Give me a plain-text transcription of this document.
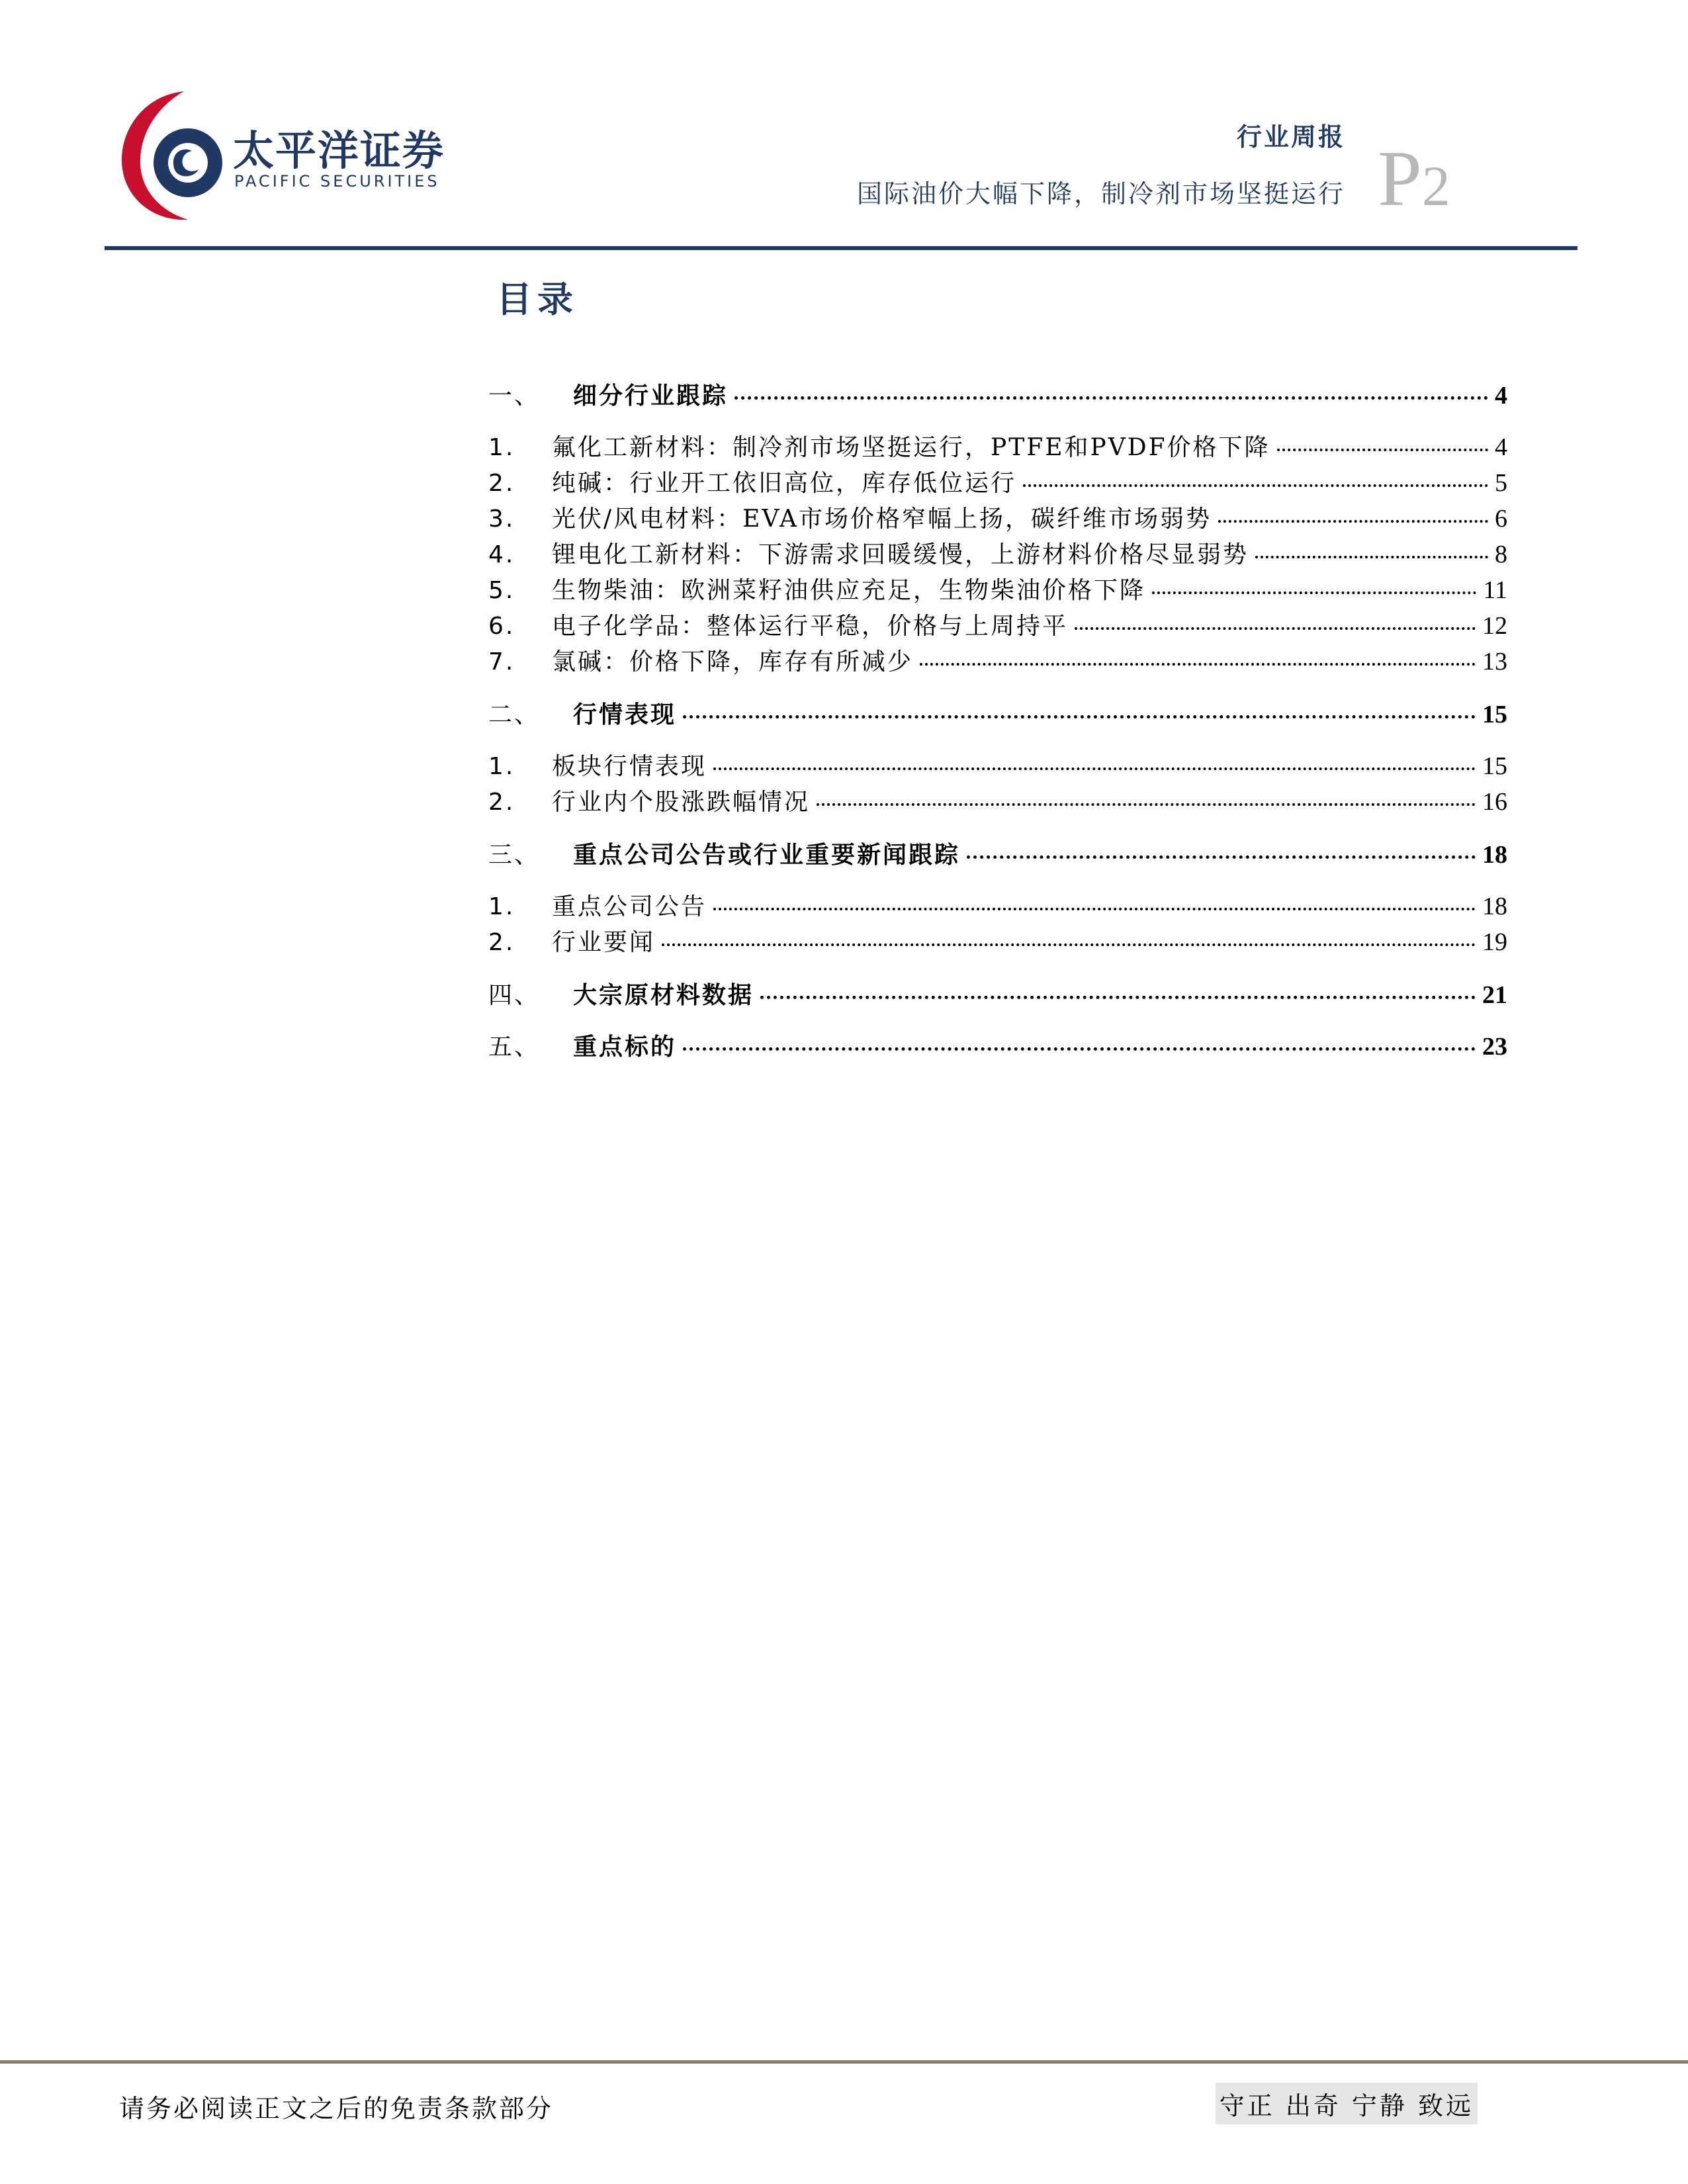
太平洋证券
PACIFIC SECURITIES
行业周报
国际油价大幅下降，制冷剂市场坚挺运行 P2
目录
一、	细分行业跟踪	4
1.	氟化工新材料：制冷剂市场坚挺运行，PTFE和PVDF价格下降	4
2.	纯碱：行业开工依旧高位，库存低位运行	5
3.	光伏/风电材料：EVA市场价格窄幅上扬，碳纤维市场弱势	6
4.	锂电化工新材料：下游需求回暖缓慢，上游材料价格尽显弱势	8
5.	生物柴油：欧洲菜籽油供应充足，生物柴油价格下降	11
6.	电子化学品：整体运行平稳，价格与上周持平	12
7.	氯碱：价格下降，库存有所减少	13
二、	行情表现	15
1.	板块行情表现	15
2.	行业内个股涨跌幅情况	16
三、	重点公司公告或行业重要新闻跟踪	18
1.	重点公司公告	18
2.	行业要闻	19
四、	大宗原材料数据	21
五、	重点标的	23
请务必阅读正文之后的免责条款部分	守正 出奇 宁静 致远
